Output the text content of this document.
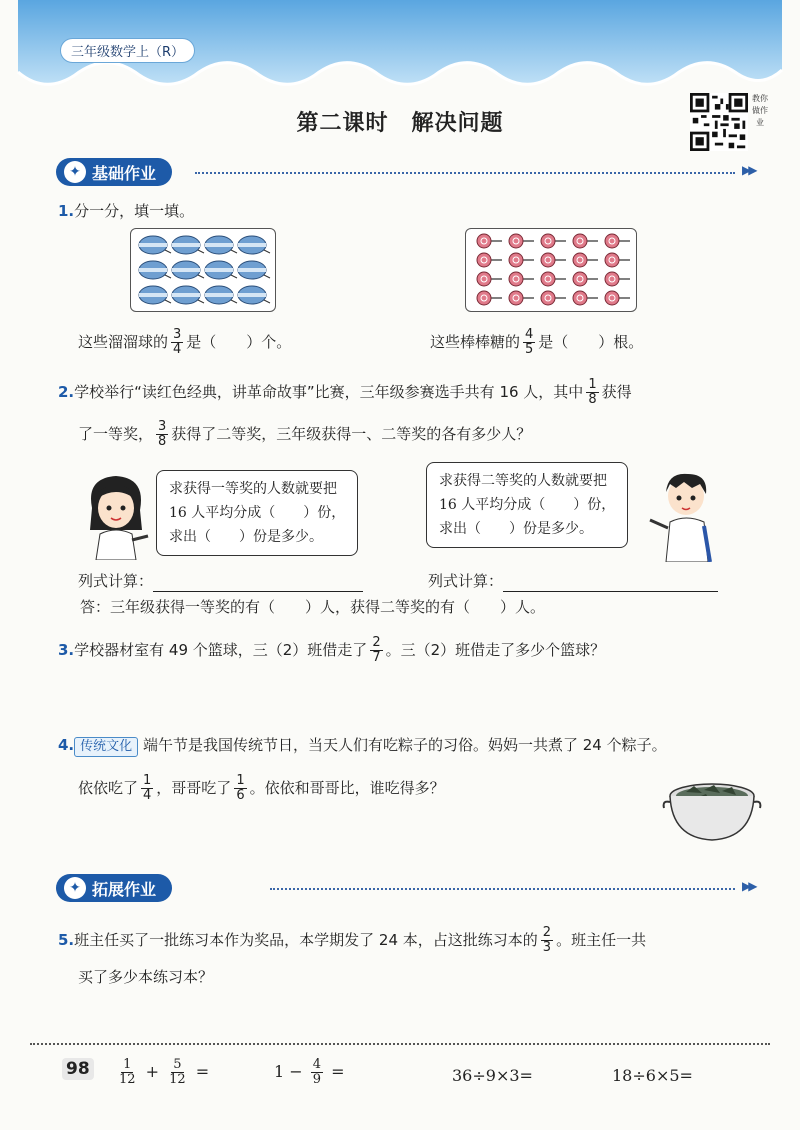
三年级数学上（R）
第二课时　解决问题
教你做作业
✦ 基础作业	▶▶
1.分一分，填一填。
这些溜溜球的 $\frac{3}{4}$ 是（　　）个。	这些棒棒糖的 $\frac{4}{5}$ 是（　　）根。
2.学校举行“读红色经典，讲革命故事”比赛，三年级参赛选手共有 16 人，其中 $\frac{1}{8}$ 获得
了一等奖， $\frac{3}{8}$ 获得了二等奖，三年级获得一、二等奖的各有多少人？
求获得一等奖的人数就要把
16 人平均分成（　　）份，
求出（　　）份是多少。
求获得二等奖的人数就要把
16 人平均分成（　　）份，
求出（　　）份是多少。
列式计算：	列式计算：
答：三年级获得一等奖的有（　　）人，获得二等奖的有（　　）人。
3.学校器材室有 49 个篮球，三（2）班借走了 $\frac{2}{7}$ 。三（2）班借走了多少个篮球？
4. 传统文化 端午节是我国传统节日，当天人们有吃粽子的习俗。妈妈一共煮了 24 个粽子。
依依吃了 $\frac{1}{4}$ ，哥哥吃了 $\frac{1}{6}$ 。依依和哥哥比，谁吃得多？
✦ 拓展作业	▶▶
5.班主任买了一批练习本作为奖品，本学期发了 24 本，占这批练习本的 $\frac{2}{3}$ 。班主任一共
买了多少本练习本？
98	$\frac{1}{12} + \frac{5}{12}$ =	$1 - \frac{4}{9}$ =	36÷9×3=	18÷6×5=
